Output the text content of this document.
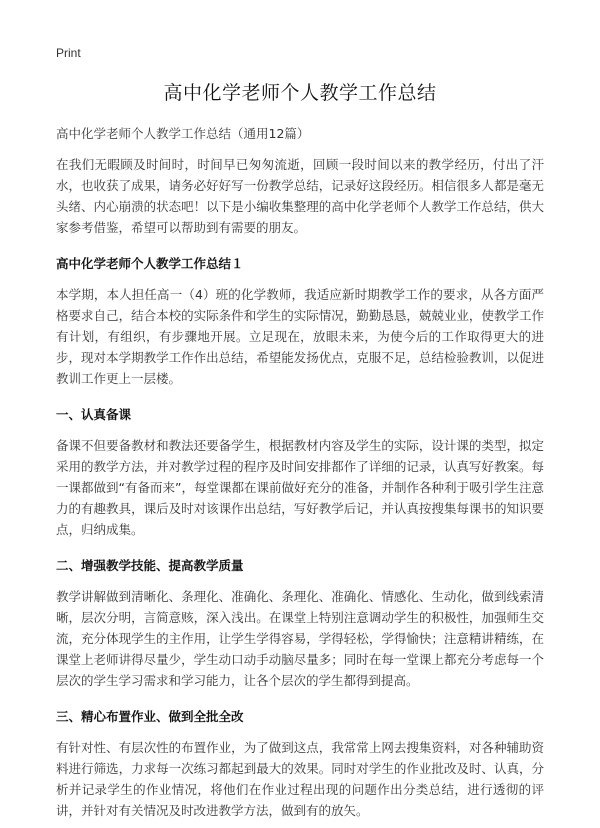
Print
高中化学老师个人教学工作总结

高中化学老师个人教学工作总结（通用12篇）

在我们无暇顾及时间时，时间早已匆匆流逝，回顾一段时间以来的教学经历，付出了汗水，也收获了成果，请务必好好写一份教学总结，记录好这段经历。相信很多人都是毫无头绪、内心崩溃的状态吧！以下是小编收集整理的高中化学老师个人教学工作总结，供大家参考借鉴，希望可以帮助到有需要的朋友。

高中化学老师个人教学工作总结１

本学期，本人担任高一（4）班的化学教师，我适应新时期教学工作的要求，从各方面严格要求自己，结合本校的实际条件和学生的实际情况，勤勤恳恳，兢兢业业，使教学工作有计划，有组织，有步骤地开展。立足现在，放眼未来，为使今后的工作取得更大的进步，现对本学期教学工作作出总结，希望能发扬优点，克服不足，总结检验教训，以促进教训工作更上一层楼。

一、认真备课

备课不但要备教材和教法还要备学生，根据教材内容及学生的实际，设计课的类型，拟定采用的教学方法，并对教学过程的程序及时间安排都作了详细的记录，认真写好教案。每一课都做到“有备而来”，每堂课都在课前做好充分的准备，并制作各种利于吸引学生注意力的有趣教具，课后及时对该课作出总结，写好教学后记，并认真按搜集每课书的知识要点，归纳成集。

二、增强教学技能、提高教学质量

教学讲解做到清晰化、条理化、准确化、条理化、准确化、情感化、生动化，做到线索清晰，层次分明，言简意赅，深入浅出。在课堂上特别注意调动学生的积极性，加强师生交流，充分体现学生的主作用，让学生学得容易，学得轻松，学得愉快；注意精讲精练，在课堂上老师讲得尽量少，学生动口动手动脑尽量多；同时在每一堂课上都充分考虑每一个层次的学生学习需求和学习能力，让各个层次的学生都得到提高。

三、精心布置作业、做到全批全改

有针对性、有层次性的布置作业，为了做到这点，我常常上网去搜集资料，对各种辅助资料进行筛选，力求每一次练习都起到最大的效果。同时对学生的作业批改及时、认真，分析并记录学生的作业情况，将他们在作业过程出现的问题作出分类总结，进行透彻的评讲，并针对有关情况及时改进教学方法，做到有的放矢。
